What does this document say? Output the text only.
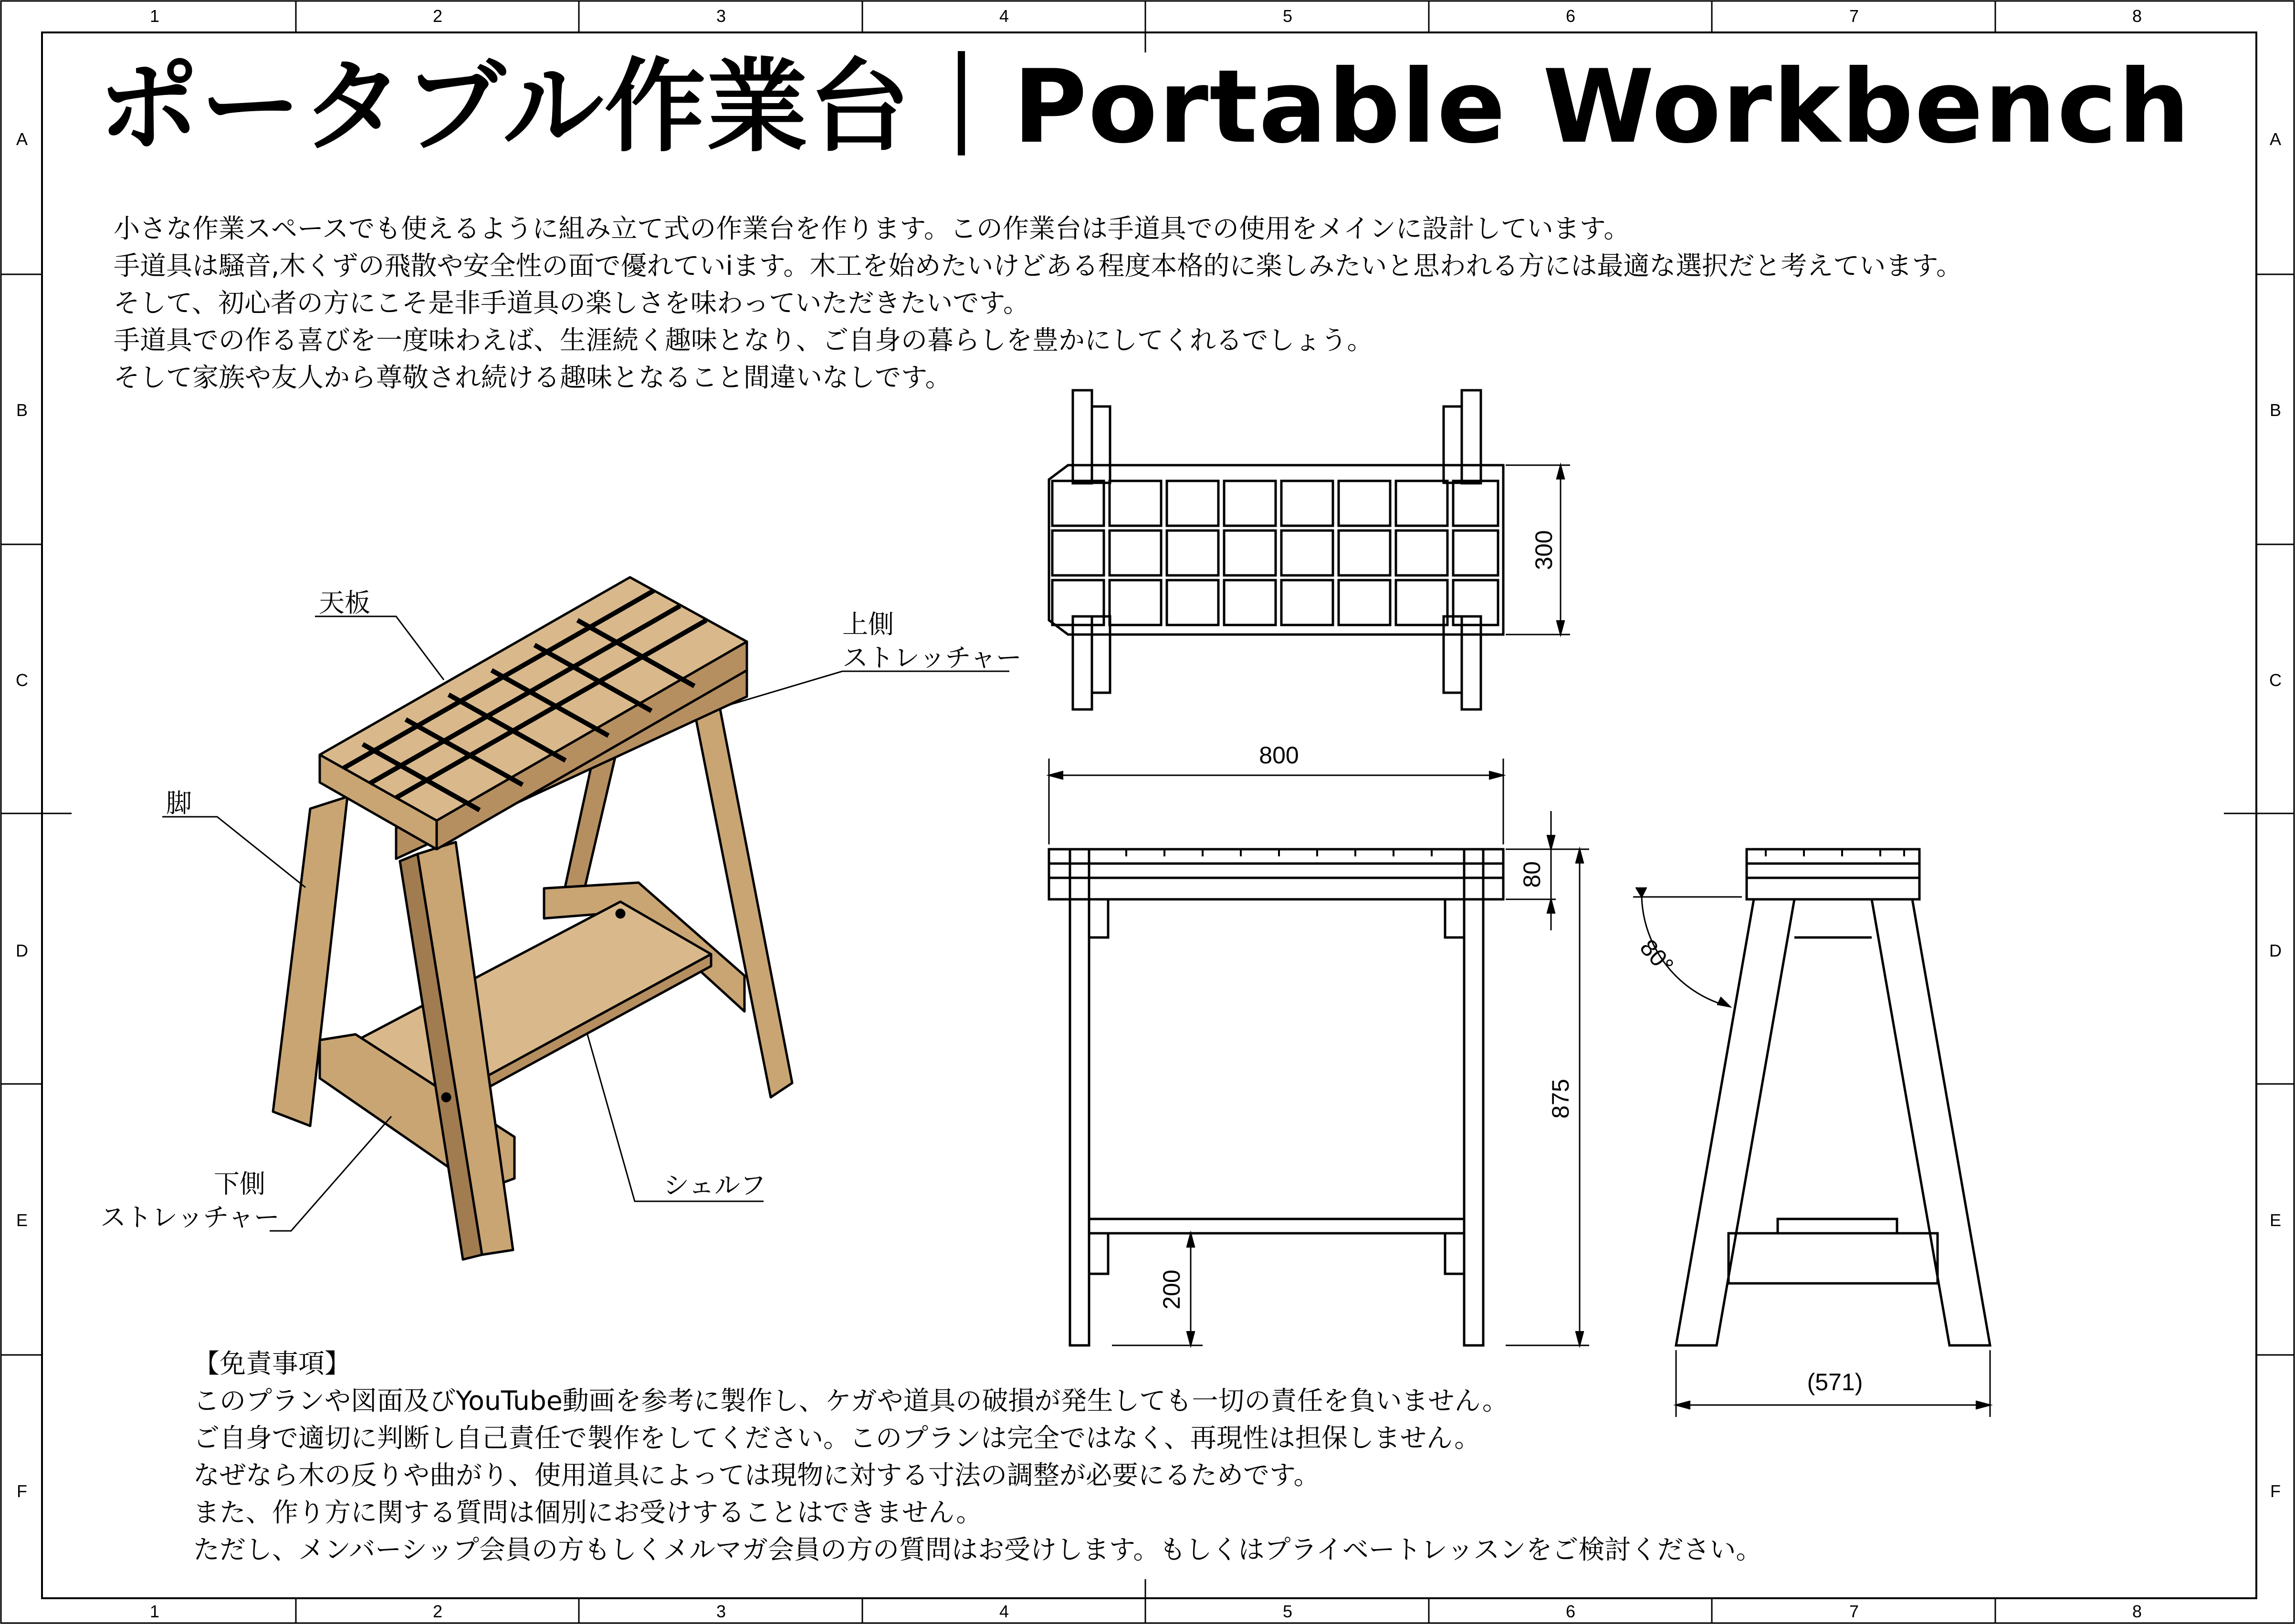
ポータブル作業台｜Portable Workbench
小さな作業スペースでも使えるように組み立て式の作業台を作ります。この作業台は手道具での使用をメインに設計しています。
手道具は騒音,木くずの飛散や安全性の面で優れていiます。木工を始めたいけどある程度本格的に楽しみたいと思われる方には最適な選択だと考えています。
そして、初心者の方にこそ是非手道具の楽しさを味わっていただきたいです。
手道具での作る喜びを一度味わえば、生涯続く趣味となり、ご自身の暮らしを豊かにしてくれるでしょう。
そして家族や友人から尊敬され続ける趣味となること間違いなしです。
天板
上側
ストレッチャー
脚
下側
ストレッチャー
シェルフ
300
800
80
875
200
80°
(571)
【免責事項】
このプランや図面及びYouTube動画を参考に製作し、ケガや道具の破損が発生しても一切の責任を負いません。
ご自身で適切に判断し自己責任で製作をしてください。このプランは完全ではなく、再現性は担保しません。
なぜなら木の反りや曲がり、使用道具によっては現物に対する寸法の調整が必要にるためです。
また、作り方に関する質問は個別にお受けすることはできません。
ただし、メンバーシップ会員の方もしくメルマガ会員の方の質問はお受けします。もしくはプライベートレッスンをご検討ください。
1	2	3	4	5	6	7	8
1	2	3	4	5	6	7	8
A
B
C
D
E
F
A
B
C
D
E
F
